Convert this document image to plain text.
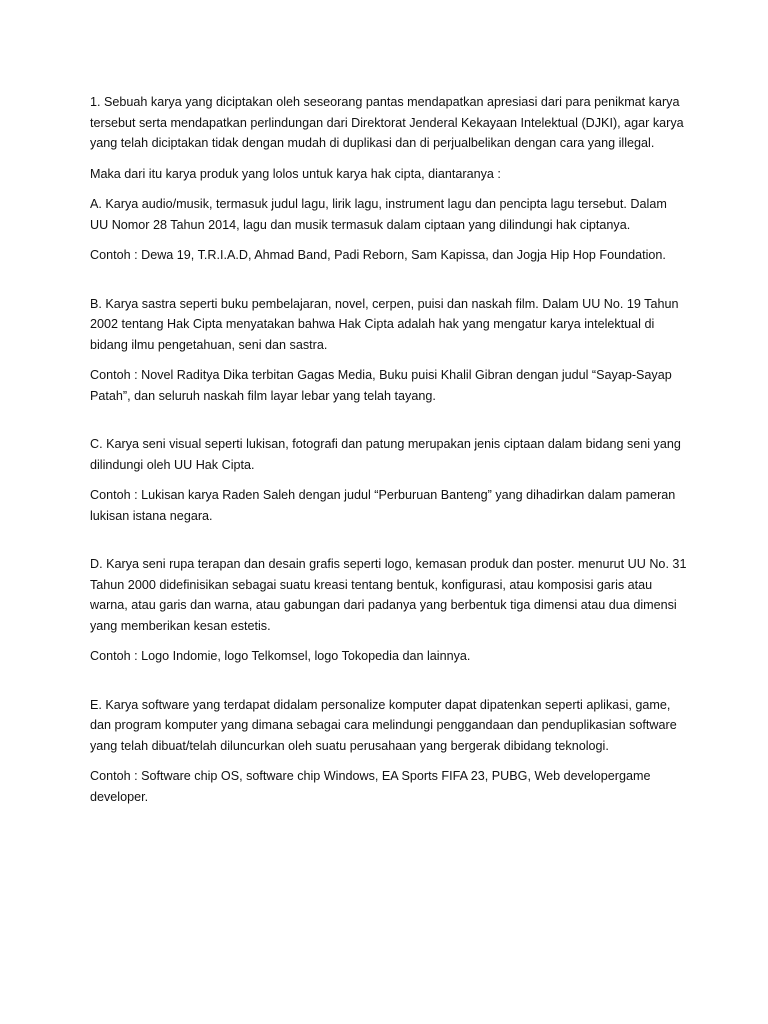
1. Sebuah karya yang diciptakan oleh seseorang pantas mendapatkan apresiasi dari para penikmat karya tersebut serta mendapatkan perlindungan dari Direktorat Jenderal Kekayaan Intelektual (DJKI), agar karya yang telah diciptakan tidak dengan mudah di duplikasi dan di perjualbelikan dengan cara yang illegal.

Maka dari itu karya produk yang lolos untuk karya hak cipta, diantaranya :

A. Karya audio/musik, termasuk judul lagu, lirik lagu, instrument lagu dan pencipta lagu tersebut. Dalam UU Nomor 28 Tahun 2014, lagu dan musik termasuk dalam ciptaan yang dilindungi hak ciptanya.

Contoh : Dewa 19, T.R.I.A.D, Ahmad Band, Padi Reborn, Sam Kapissa, dan Jogja Hip Hop Foundation.

B. Karya sastra seperti buku pembelajaran, novel, cerpen, puisi dan naskah film. Dalam UU No. 19 Tahun 2002 tentang Hak Cipta menyatakan bahwa Hak Cipta adalah hak yang mengatur karya intelektual di bidang ilmu pengetahuan, seni dan sastra.

Contoh : Novel Raditya Dika terbitan Gagas Media, Buku puisi Khalil Gibran dengan judul “Sayap-Sayap Patah”, dan seluruh naskah film layar lebar yang telah tayang.

C. Karya seni visual seperti lukisan, fotografi dan patung merupakan jenis ciptaan dalam bidang seni yang dilindungi oleh UU Hak Cipta.

Contoh : Lukisan karya Raden Saleh dengan judul “Perburuan Banteng” yang dihadirkan dalam pameran lukisan istana negara.

D. Karya seni rupa terapan dan desain grafis seperti logo, kemasan produk dan poster. menurut UU No. 31 Tahun 2000 didefinisikan sebagai suatu kreasi tentang bentuk, konfigurasi, atau komposisi garis atau warna, atau garis dan warna, atau gabungan dari padanya yang berbentuk tiga dimensi atau dua dimensi yang memberikan kesan estetis.

Contoh : Logo Indomie, logo Telkomsel, logo Tokopedia dan lainnya.

E. Karya software yang terdapat didalam personalize komputer dapat dipatenkan seperti aplikasi, game, dan program komputer yang dimana sebagai cara melindungi penggandaan dan penduplikasian software yang telah dibuat/telah diluncurkan oleh suatu perusahaan yang bergerak dibidang teknologi.

Contoh : Software chip OS, software chip Windows, EA Sports FIFA 23, PUBG, Web developergame developer.
